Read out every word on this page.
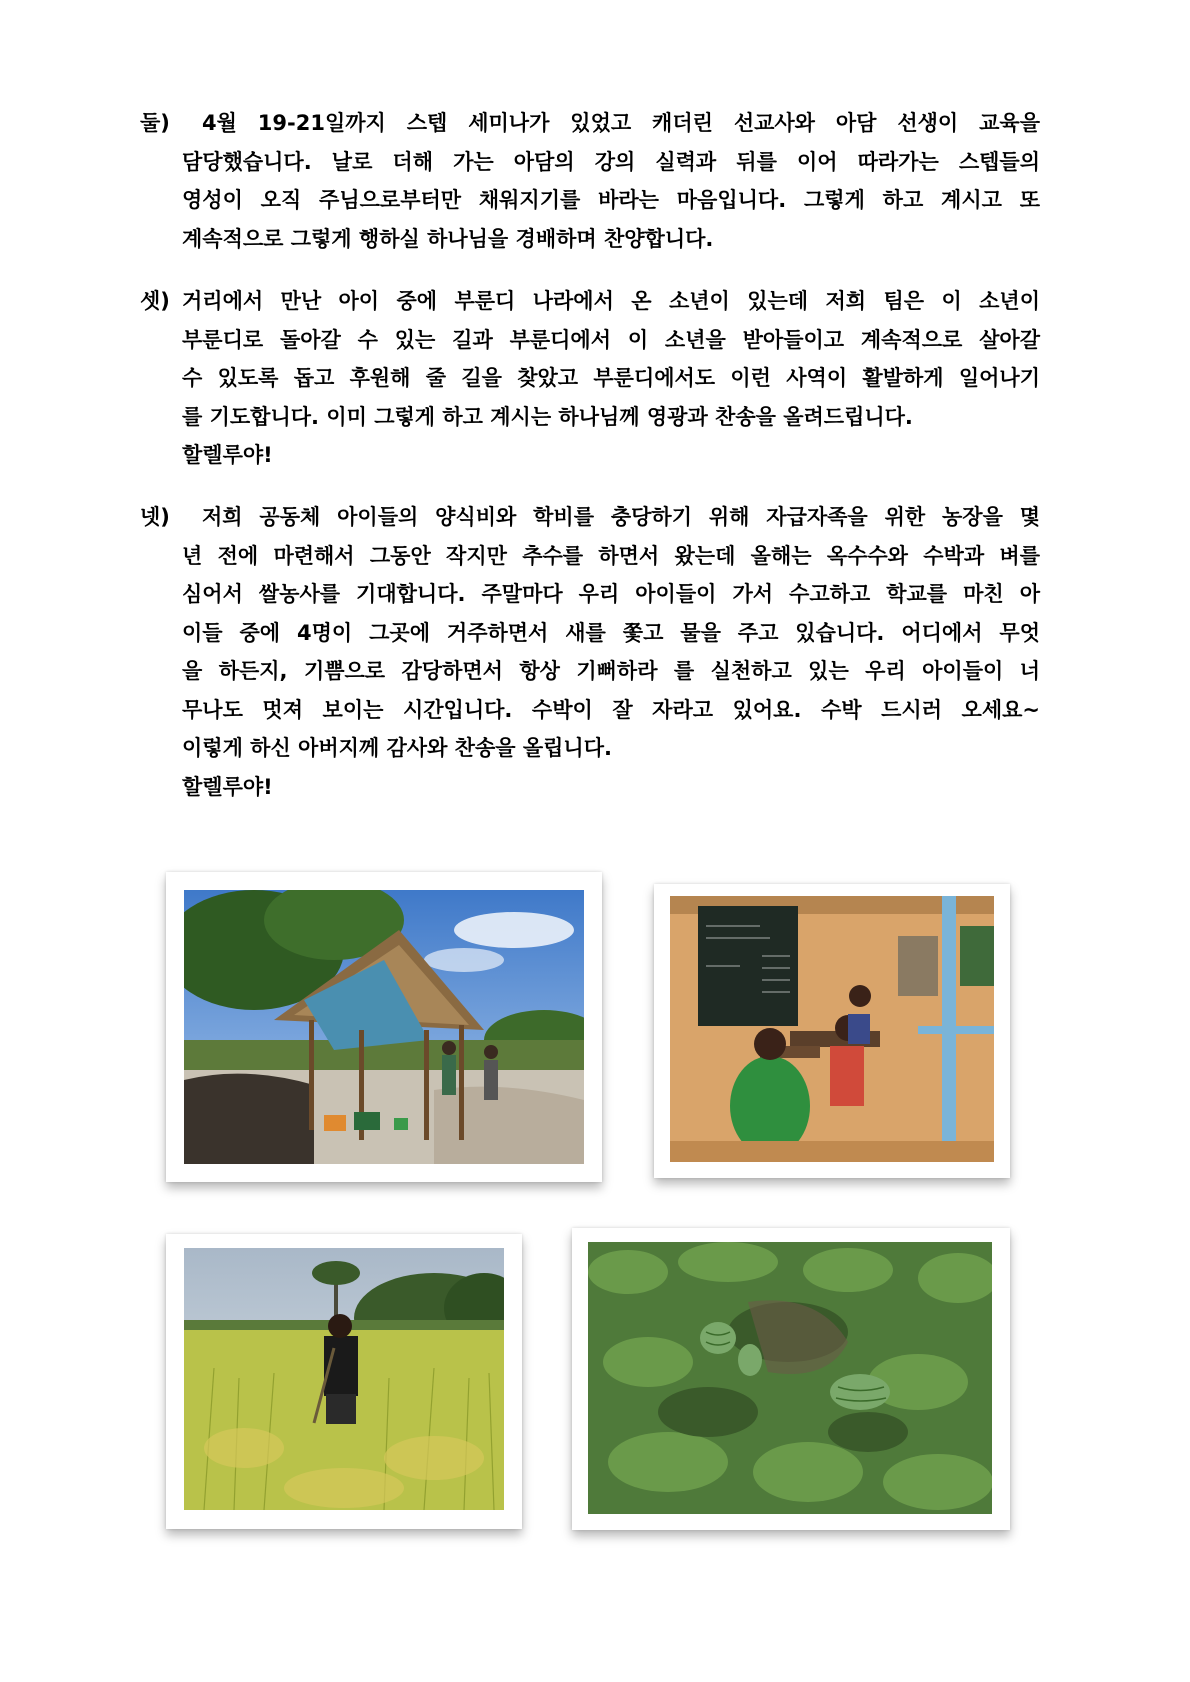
둘)	4월 19-21일까지 스텝 세미나가 있었고 캐더린 선교사와 아담 선생이 교육을
담당했습니다. 날로 더해 가는 아담의 강의 실력과 뒤를 이어 따라가는 스텝들의
영성이 오직 주님으로부터만 채워지기를 바라는 마음입니다. 그렇게 하고 계시고 또
계속적으로 그렇게 행하실 하나님을 경배하며 찬양합니다.
셋) 거리에서 만난 아이 중에 부룬디 나라에서 온 소년이 있는데 저희 팀은 이 소년이
부룬디로 돌아갈 수 있는 길과 부룬디에서 이 소년을 받아들이고 계속적으로 살아갈
수 있도록 돕고 후원해 줄 길을 찾았고 부룬디에서도 이런 사역이 활발하게 일어나기
를 기도합니다. 이미 그렇게 하고 계시는 하나님께 영광과 찬송을 올려드립니다.
할렐루야!
넷)	저희 공동체 아이들의 양식비와 학비를 충당하기 위해 자급자족을 위한 농장을 몇
년 전에 마련해서 그동안 작지만 추수를 하면서 왔는데 올해는 옥수수와 수박과 벼를
심어서 쌀농사를 기대합니다. 주말마다 우리 아이들이 가서 수고하고 학교를 마친 아
이들 중에 4명이 그곳에 거주하면서 새를 쫓고 물을 주고 있습니다. 어디에서 무엇
을 하든지, 기쁨으로 감당하면서 항상 기뻐하라 를 실천하고 있는 우리 아이들이 너
무나도 멋져 보이는 시간입니다. 수박이 잘 자라고 있어요. 수박 드시러 오세요~
이렇게 하신 아버지께 감사와 찬송을 올립니다.
할렐루야!
